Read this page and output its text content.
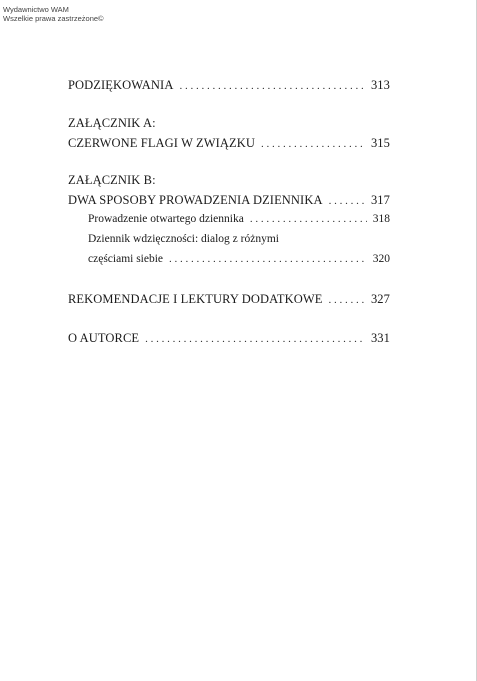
Wydawnictwo WAM
Wszelkie prawa zastrzeżone©
PODZIĘKOWANIA . . .	313
ZAŁĄCZNIK A:
CZERWONE FLAGI W ZWIĄZKU . . .	315
ZAŁĄCZNIK B:
DWA SPOSOBY PROWADZENIA DZIENNIKA . . .	317
Prowadzenie otwartego dziennika . . .	318
Dziennik wdzięczności: dialog z różnymi
częściami siebie . . .	320
REKOMENDACJE I LEKTURY DODATKOWE . . .	327
O AUTORCE . . .	331
